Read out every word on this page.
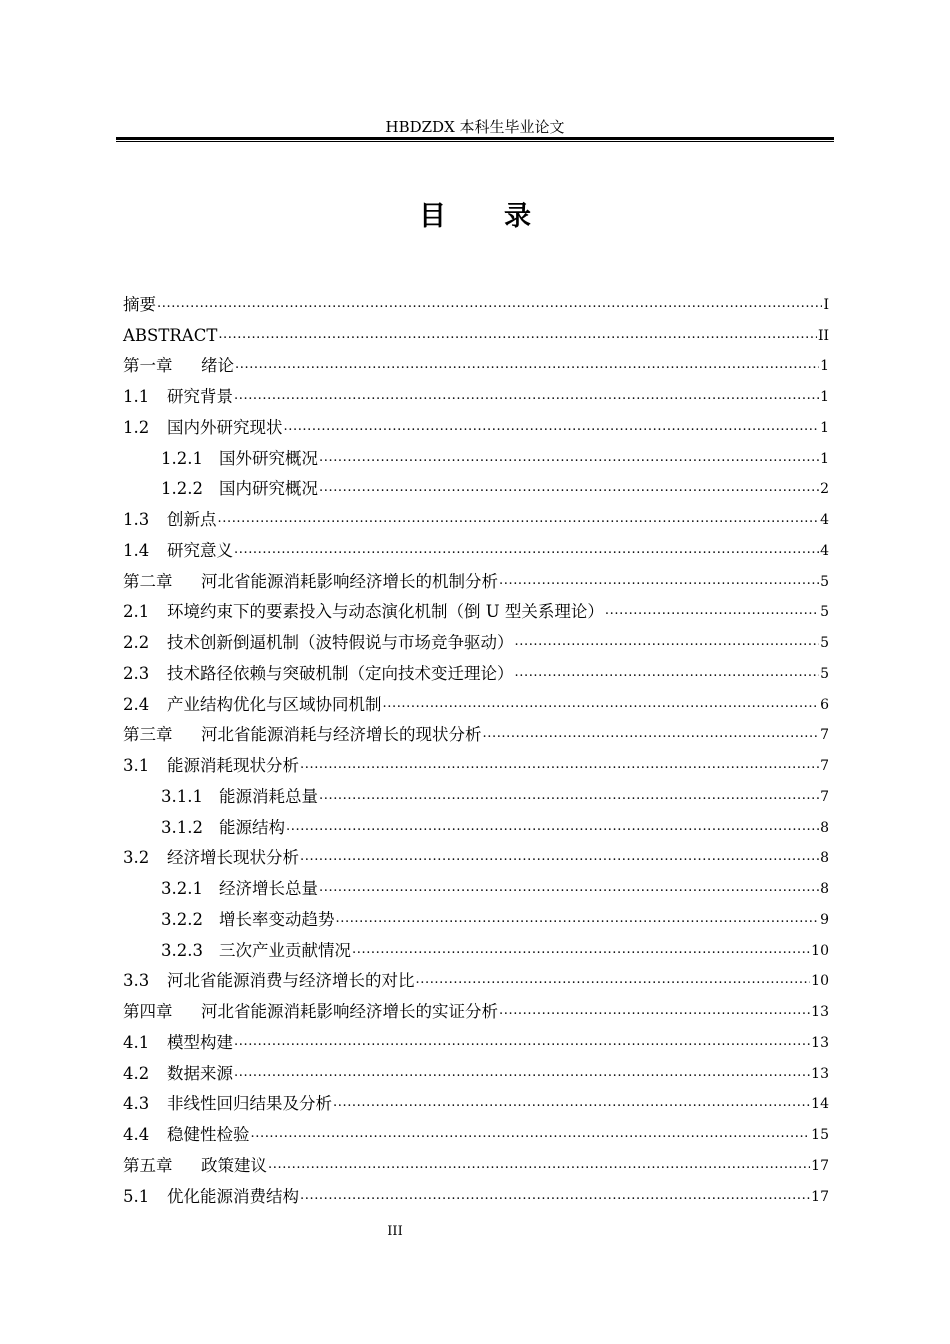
HBDZDX 本科生毕业论文
目 录
摘要 .....	I
ABSTRACT .....	II
第一章	绪论 .....	1
1.1	研究背景 .....	1
1.2	国内外研究现状 .....	1
1.2.1 国外研究概况 .....	1
1.2.2 国内研究概况 .....	2
1.3	创新点 .....	4
1.4	研究意义 .....	4
第二章	河北省能源消耗影响经济增长的机制分析 .....	5
2.1	环境约束下的要素投入与动态演化机制（倒 U 型关系理论） .....	5
2.2	技术创新倒逼机制（波特假说与市场竞争驱动） .....	5
2.3	技术路径依赖与突破机制（定向技术变迁理论） .....	5
2.4	产业结构优化与区域协同机制 .....	6
第三章	河北省能源消耗与经济增长的现状分析 .....	7
3.1	能源消耗现状分析 .....	7
3.1.1 能源消耗总量 .....	7
3.1.2 能源结构 .....	8
3.2	经济增长现状分析 .....	8
3.2.1 经济增长总量 .....	8
3.2.2 增长率变动趋势 .....	9
3.2.3 三次产业贡献情况 .....	10
3.3	河北省能源消费与经济增长的对比 .....	10
第四章	河北省能源消耗影响经济增长的实证分析 .....	13
4.1	模型构建 .....	13
4.2	数据来源 .....	13
4.3	非线性回归结果及分析 .....	14
4.4	稳健性检验 .....	15
第五章	政策建议 .....	17
5.1	优化能源消费结构 .....	17
III
